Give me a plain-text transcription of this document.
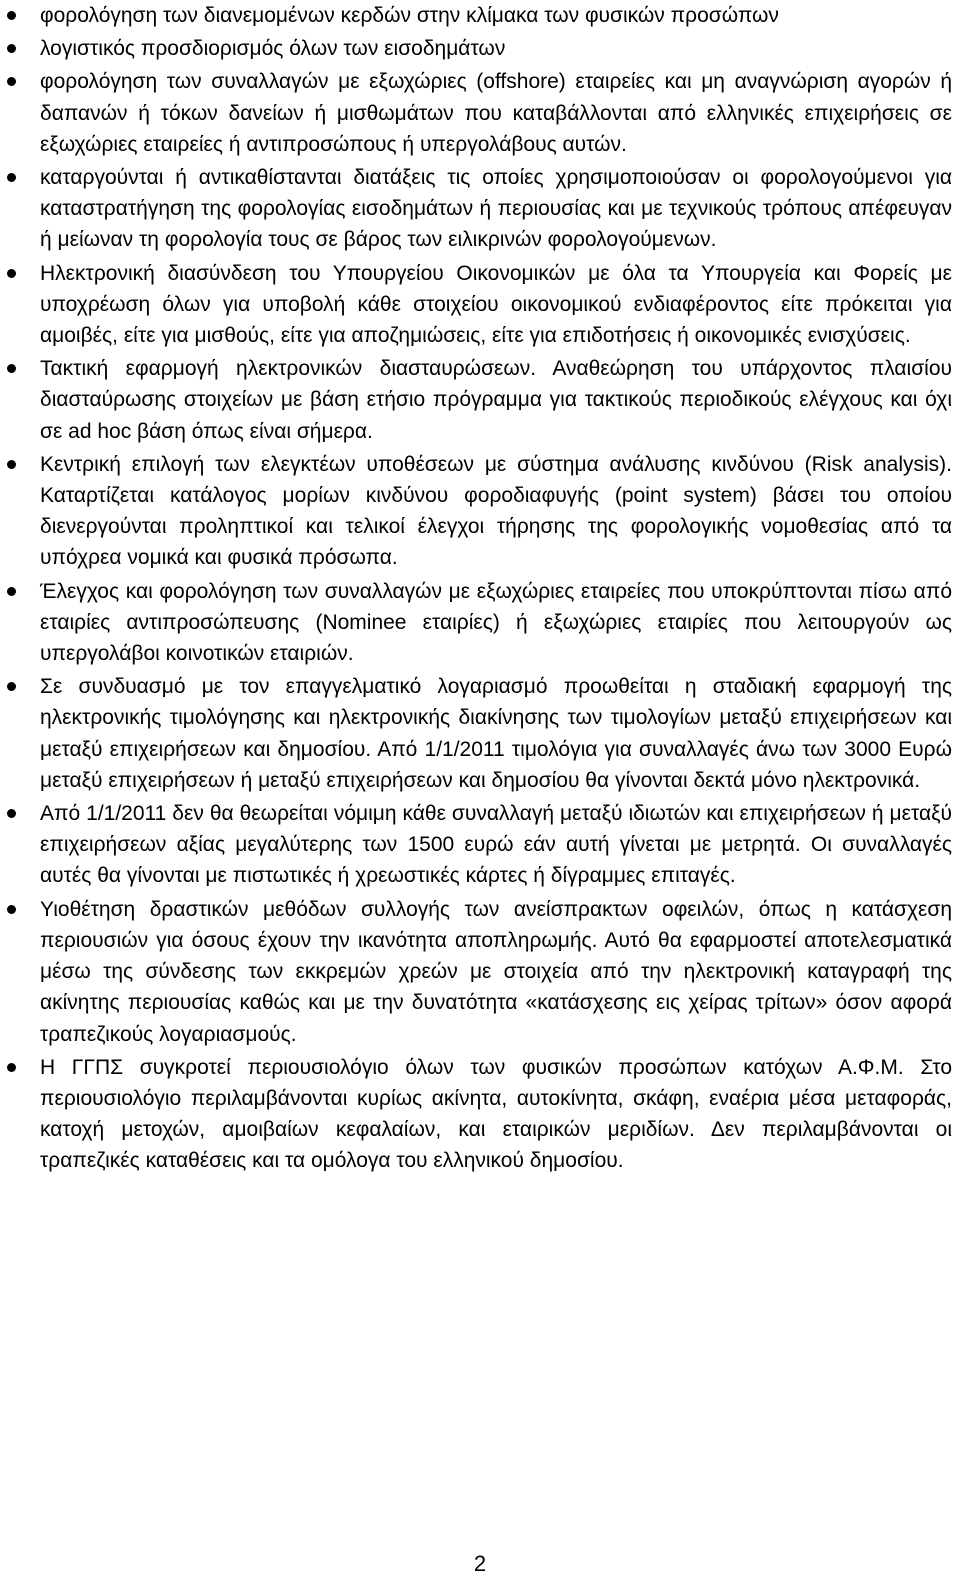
φορολόγηση των διανεμομένων κερδών στην κλίμακα των φυσικών προσώπων
λογιστικός προσδιορισμός όλων των εισοδημάτων
φορολόγηση των συναλλαγών με εξωχώριες (offshore) εταιρείες και μη αναγνώριση αγορών ή δαπανών ή τόκων δανείων ή μισθωμάτων που καταβάλλονται από ελληνικές επιχειρήσεις σε εξωχώριες εταιρείες ή αντιπροσώπους ή υπεργολάβους αυτών.
καταργούνται ή αντικαθίστανται διατάξεις τις οποίες χρησιμοποιούσαν οι φορολογούμενοι για καταστρατήγηση της φορολογίας εισοδημάτων ή περιουσίας και με τεχνικούς τρόπους απέφευγαν ή μείωναν τη φορολογία τους σε βάρος των ειλικρινών φορολογούμενων.
Ηλεκτρονική διασύνδεση του Υπουργείου Οικονομικών με όλα τα Υπουργεία και Φορείς με υποχρέωση όλων για υποβολή κάθε στοιχείου οικονομικού ενδιαφέροντος είτε πρόκειται για αμοιβές, είτε για μισθούς, είτε για αποζημιώσεις, είτε για επιδοτήσεις ή οικονομικές ενισχύσεις.
Τακτική εφαρμογή ηλεκτρονικών διασταυρώσεων. Αναθεώρηση του υπάρχοντος πλαισίου διασταύρωσης στοιχείων με βάση ετήσιο πρόγραμμα για τακτικούς περιοδικούς ελέγχους και όχι σε ad hoc βάση όπως είναι σήμερα.
Κεντρική επιλογή των ελεγκτέων υποθέσεων με σύστημα ανάλυσης κινδύνου (Risk analysis). Καταρτίζεται κατάλογος μορίων κινδύνου φοροδιαφυγής (point system) βάσει του οποίου διενεργούνται προληπτικοί και τελικοί έλεγχοι τήρησης της φορολογικής νομοθεσίας από τα υπόχρεα νομικά και φυσικά πρόσωπα.
Έλεγχος και φορολόγηση των συναλλαγών με εξωχώριες εταιρείες που υποκρύπτονται πίσω από εταιρίες αντιπροσώπευσης (Nominee εταιρίες) ή εξωχώριες εταιρίες που λειτουργούν ως υπεργολάβοι κοινοτικών εταιριών.
Σε συνδυασμό με τον επαγγελματικό λογαριασμό προωθείται η σταδιακή εφαρμογή της ηλεκτρονικής τιμολόγησης και ηλεκτρονικής διακίνησης των τιμολογίων μεταξύ επιχειρήσεων και μεταξύ επιχειρήσεων και δημοσίου. Από 1/1/2011 τιμολόγια για συναλλαγές άνω των 3000 Ευρώ μεταξύ επιχειρήσεων ή μεταξύ επιχειρήσεων και δημοσίου θα γίνονται δεκτά μόνο ηλεκτρονικά.
Από 1/1/2011 δεν θα θεωρείται νόμιμη κάθε συναλλαγή μεταξύ ιδιωτών και επιχειρήσεων ή μεταξύ επιχειρήσεων αξίας μεγαλύτερης των 1500 ευρώ εάν αυτή γίνεται με μετρητά. Οι συναλλαγές αυτές θα γίνονται με πιστωτικές ή χρεωστικές κάρτες ή δίγραμμες επιταγές.
Υιοθέτηση δραστικών μεθόδων συλλογής των ανείσπρακτων οφειλών, όπως η κατάσχεση περιουσιών για όσους έχουν την ικανότητα αποπληρωμής. Αυτό θα εφαρμοστεί αποτελεσματικά μέσω της σύνδεσης των εκκρεμών χρεών με στοιχεία από την ηλεκτρονική καταγραφή της ακίνητης περιουσίας καθώς και με την δυνατότητα «κατάσχεσης εις χείρας τρίτων» όσον αφορά τραπεζικούς λογαριασμούς.
Η ΓΓΠΣ συγκροτεί περιουσιολόγιο όλων των φυσικών προσώπων κατόχων Α.Φ.Μ. Στο περιουσιολόγιο περιλαμβάνονται κυρίως ακίνητα, αυτοκίνητα, σκάφη, εναέρια μέσα μεταφοράς, κατοχή μετοχών, αμοιβαίων κεφαλαίων, και εταιρικών μεριδίων. Δεν περιλαμβάνονται οι τραπεζικές καταθέσεις και τα ομόλογα του ελληνικού δημοσίου.
2
